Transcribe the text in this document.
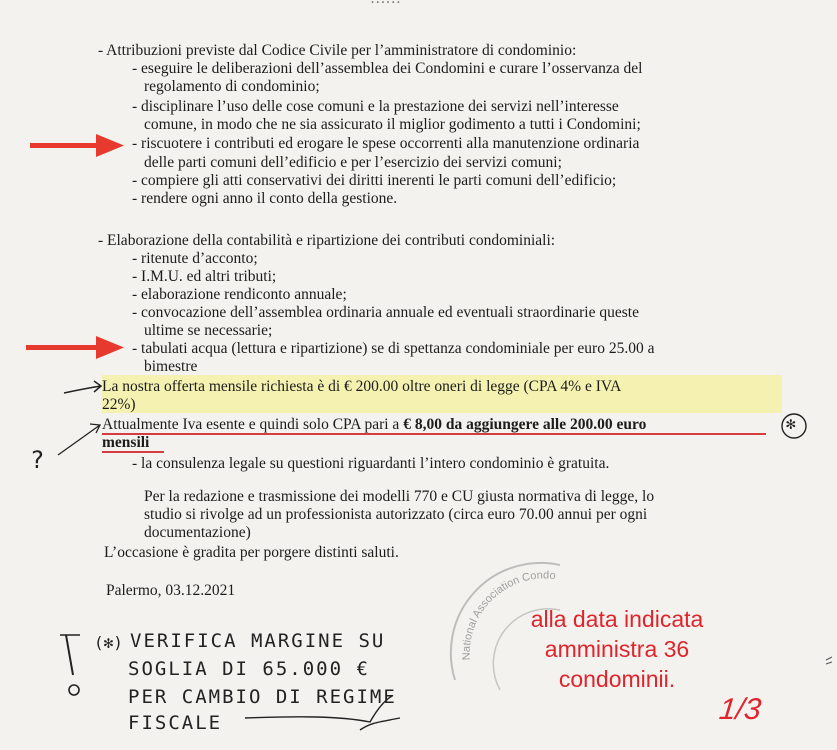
- Attribuzioni previste dal Codice Civile per l’amministratore di condominio:
- eseguire le deliberazioni dell’assemblea dei Condomini e curare l’osservanza del
regolamento di condominio;
- disciplinare l’uso delle cose comuni e la prestazione dei servizi nell’interesse
comune, in modo che ne sia assicurato il miglior godimento a tutti i Condomini;
- riscuotere i contributi ed erogare le spese occorrenti alla manutenzione ordinaria
delle parti comuni dell’edificio e per l’esercizio dei servizi comuni;
- compiere gli atti conservativi dei diritti inerenti le parti comuni dell’edificio;
- rendere ogni anno il conto della gestione.
- Elaborazione della contabilità e ripartizione dei contributi condominiali:
- ritenute d’acconto;
- I.M.U. ed altri tributi;
- elaborazione rendiconto annuale;
- convocazione dell’assemblea ordinaria annuale ed eventuali straordinarie queste
ultime se necessarie;
- tabulati acqua (lettura e ripartizione) se di spettanza condominiale per euro 25.00 a
bimestre
La nostra offerta mensile richiesta è di € 200.00 oltre oneri di legge (CPA 4% e IVA
22%)
Attualmente Iva esente e quindi solo CPA pari a € 8,00 da aggiungere alle 200.00 euro
mensili
- la consulenza legale su questioni riguardanti l’intero condominio è gratuita.
Per la redazione e trasmissione dei modelli 770 e CU giusta normativa di legge, lo
studio si rivolge ad un professionista autorizzato (circa euro 70.00 annui per ogni
documentazione)
L’occasione è gradita per porgere distinti saluti.
Palermo, 03.12.2021
National Association Condo
alla data indicata
amministra 36
condominii.
1/3
✻
?
(✻) VERIFICA MARGINE SU
SOGLIA DI 65.000 €
PER CAMBIO DI REGIME
FISCALE
